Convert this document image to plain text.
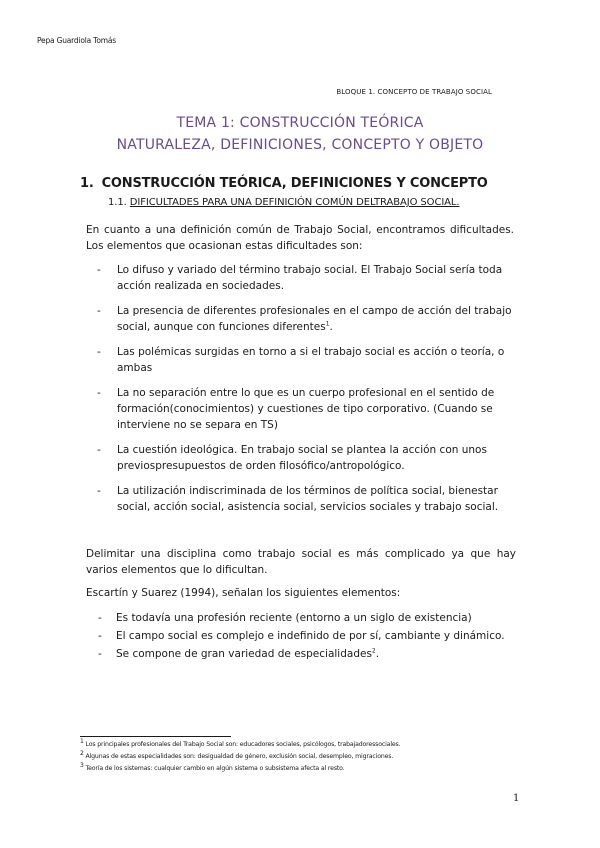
Pepa Guardiola Tomás
BLOQUE 1. CONCEPTO DE TRABAJO SOCIAL
TEMA 1: CONSTRUCCIÓN TEÓRICA
NATURALEZA, DEFINICIONES, CONCEPTO Y OBJETO
1. CONSTRUCCIÓN TEÓRICA, DEFINICIONES Y CONCEPTO
1.1. DIFICULTADES PARA UNA DEFINICIÓN COMÚN DELTRABAJO SOCIAL.

En cuanto a una definición común de Trabajo Social, encontramos dificultades. Los elementos que ocasionan estas dificultades son:

- Lo difuso y variado del término trabajo social. El Trabajo Social sería toda acción realizada en sociedades.
- La presencia de diferentes profesionales en el campo de acción del trabajo social, aunque con funciones diferentes$^1$.
- Las polémicas surgidas en torno a si el trabajo social es acción o teoría, o ambas
- La no separación entre lo que es un cuerpo profesional en el sentido de formación(conocimientos) y cuestiones de tipo corporativo. (Cuando se interviene no se separa en TS)
- La cuestión ideológica. En trabajo social se plantea la acción con unos previospresupuestos de orden filosófico/antropológico.
- La utilización indiscriminada de los términos de política social, bienestar social, acción social, asistencia social, servicios sociales y trabajo social.

Delimitar una disciplina como trabajo social es más complicado ya que hay varios elementos que lo dificultan.

Escartín y Suarez (1994), señalan los siguientes elementos:

- Es todavía una profesión reciente (entorno a un siglo de existencia)
- El campo social es complejo e indefinido de por sí, cambiante y dinámico.
- Se compone de gran variedad de especialidades$^2$.
$^1$ Los principales profesionales del Trabajo Social son: educadores sociales, psicólogos, trabajadoressociales.
$^2$ Algunas de estas especialidades son: desigualdad de género, exclusión social, desempleo, migraciones.
$^3$ Teoría de los sistemas: cualquier cambio en algún sistema o subsistema afecta al resto.
1
